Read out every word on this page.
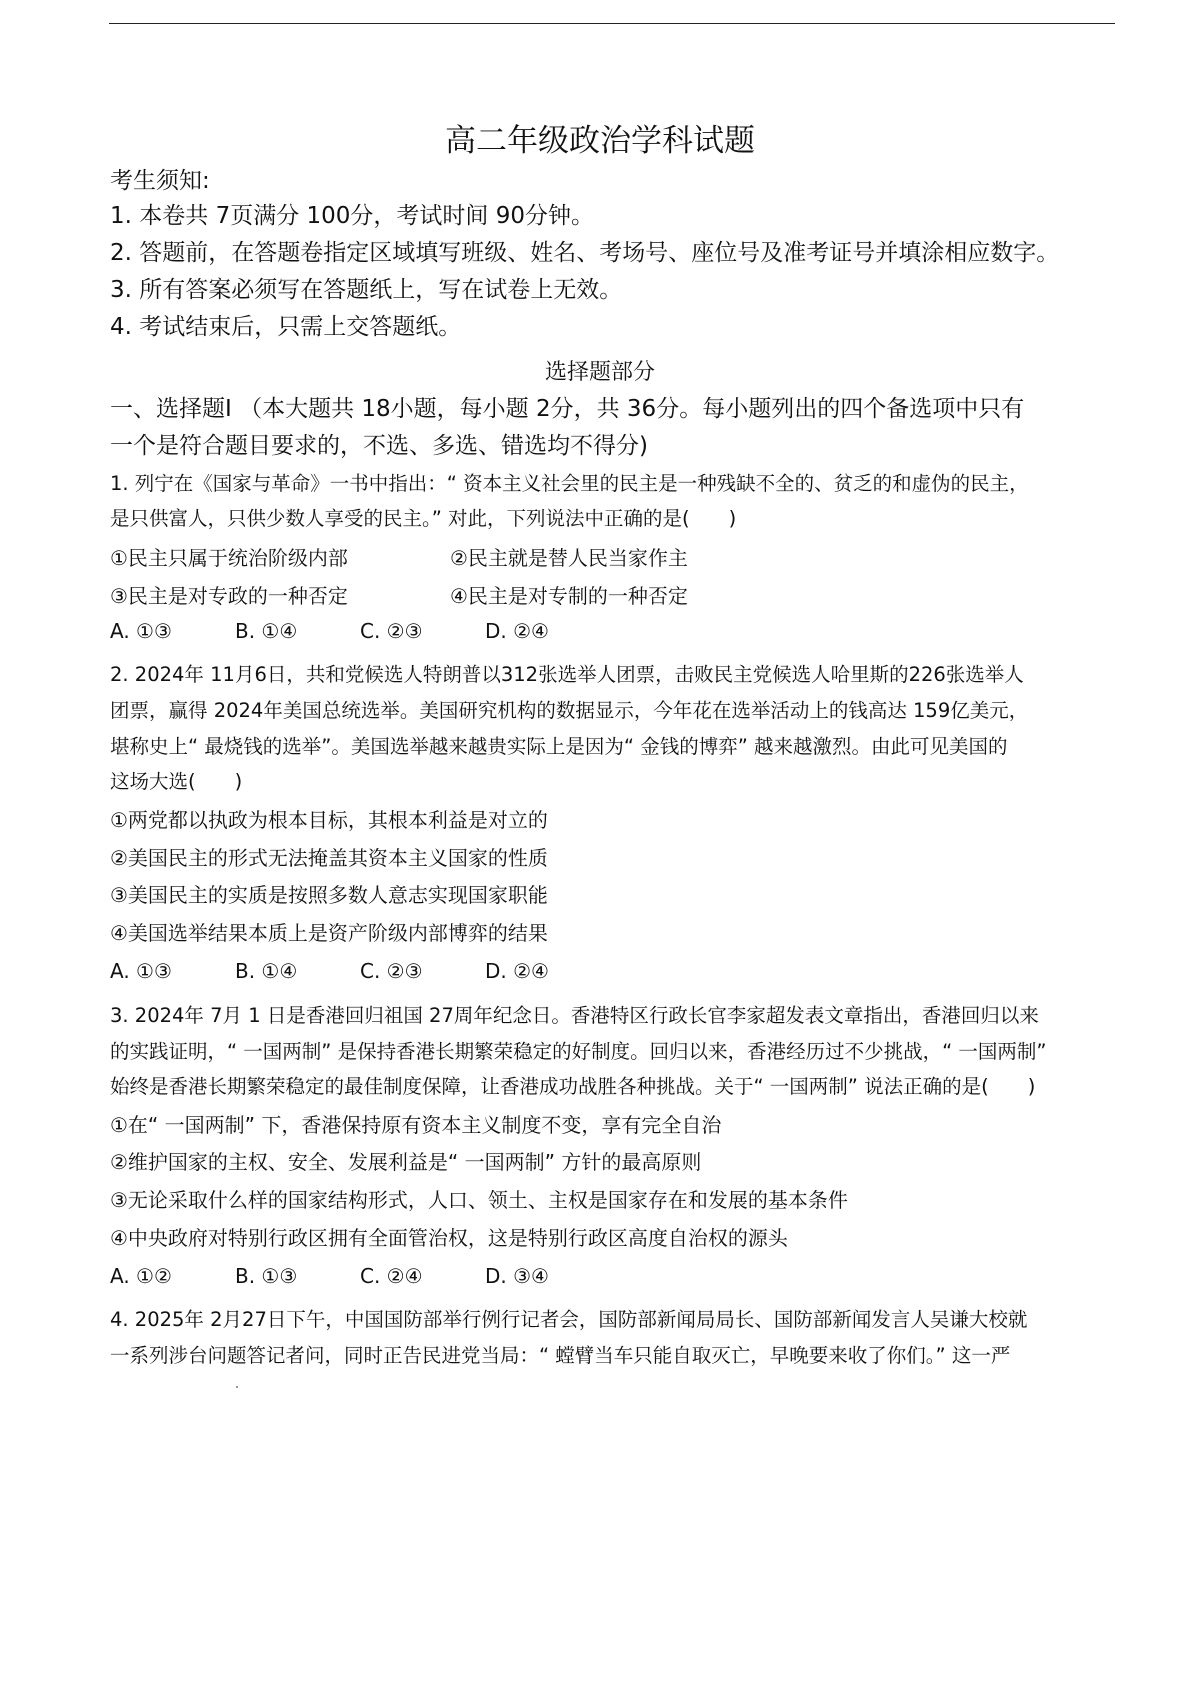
高二年级政治学科试题
考生须知:
1. 本卷共 7页满分 100分，考试时间 90分钟。
2. 答题前，在答题卷指定区域填写班级、姓名、考场号、座位号及准考证号并填涂相应数字。
3. 所有答案必须写在答题纸上，写在试卷上无效。
4. 考试结束后，只需上交答题纸。
选择题部分
一、选择题Ⅰ （本大题共 18小题，每小题 2分，共 36分。每小题列出的四个备选项中只有
一个是符合题目要求的，不选、多选、错选均不得分)
1. 列宁在《国家与革命》一书中指出：“ 资本主义社会里的民主是一种残缺不全的、贫乏的和虚伪的民主，
是只供富人，只供少数人享受的民主。” 对此，下列说法中正确的是(　　)
①民主只属于统治阶级内部	②民主就是替人民当家作主
③民主是对专政的一种否定	④民主是对专制的一种否定
A. ①③	B. ①④	C. ②③	D. ②④
2. 2024年 11月6日，共和党候选人特朗普以312张选举人团票，击败民主党候选人哈里斯的226张选举人
团票，赢得 2024年美国总统选举。美国研究机构的数据显示，今年花在选举活动上的钱高达 159亿美元，
堪称史上“ 最烧钱的选举”。美国选举越来越贵实际上是因为“ 金钱的博弈” 越来越激烈。由此可见美国的
这场大选(　　)
①两党都以执政为根本目标，其根本利益是对立的
②美国民主的形式无法掩盖其资本主义国家的性质
③美国民主的实质是按照多数人意志实现国家职能
④美国选举结果本质上是资产阶级内部博弈的结果
A. ①③	B. ①④	C. ②③	D. ②④
3. 2024年 7月 1 日是香港回归祖国 27周年纪念日。香港特区行政长官李家超发表文章指出，香港回归以来
的实践证明，“ 一国两制” 是保持香港长期繁荣稳定的好制度。回归以来，香港经历过不少挑战，“ 一国两制”
始终是香港长期繁荣稳定的最佳制度保障，让香港成功战胜各种挑战。关于“ 一国两制” 说法正确的是(　　)
①在“ 一国两制” 下，香港保持原有资本主义制度不变，享有完全自治
②维护国家的主权、安全、发展利益是“ 一国两制” 方针的最高原则
③无论采取什么样的国家结构形式，人口、领土、主权是国家存在和发展的基本条件
④中央政府对特别行政区拥有全面管治权，这是特别行政区高度自治权的源头
A. ①②	B. ①③	C. ②④	D. ③④
4. 2025年 2月27日下午，中国国防部举行例行记者会，国防部新闻局局长、国防部新闻发言人吴谦大校就
一系列涉台问题答记者问，同时正告民进党当局：“ 螳臂当车只能自取灭亡，早晚要来收了你们。” 这一严
